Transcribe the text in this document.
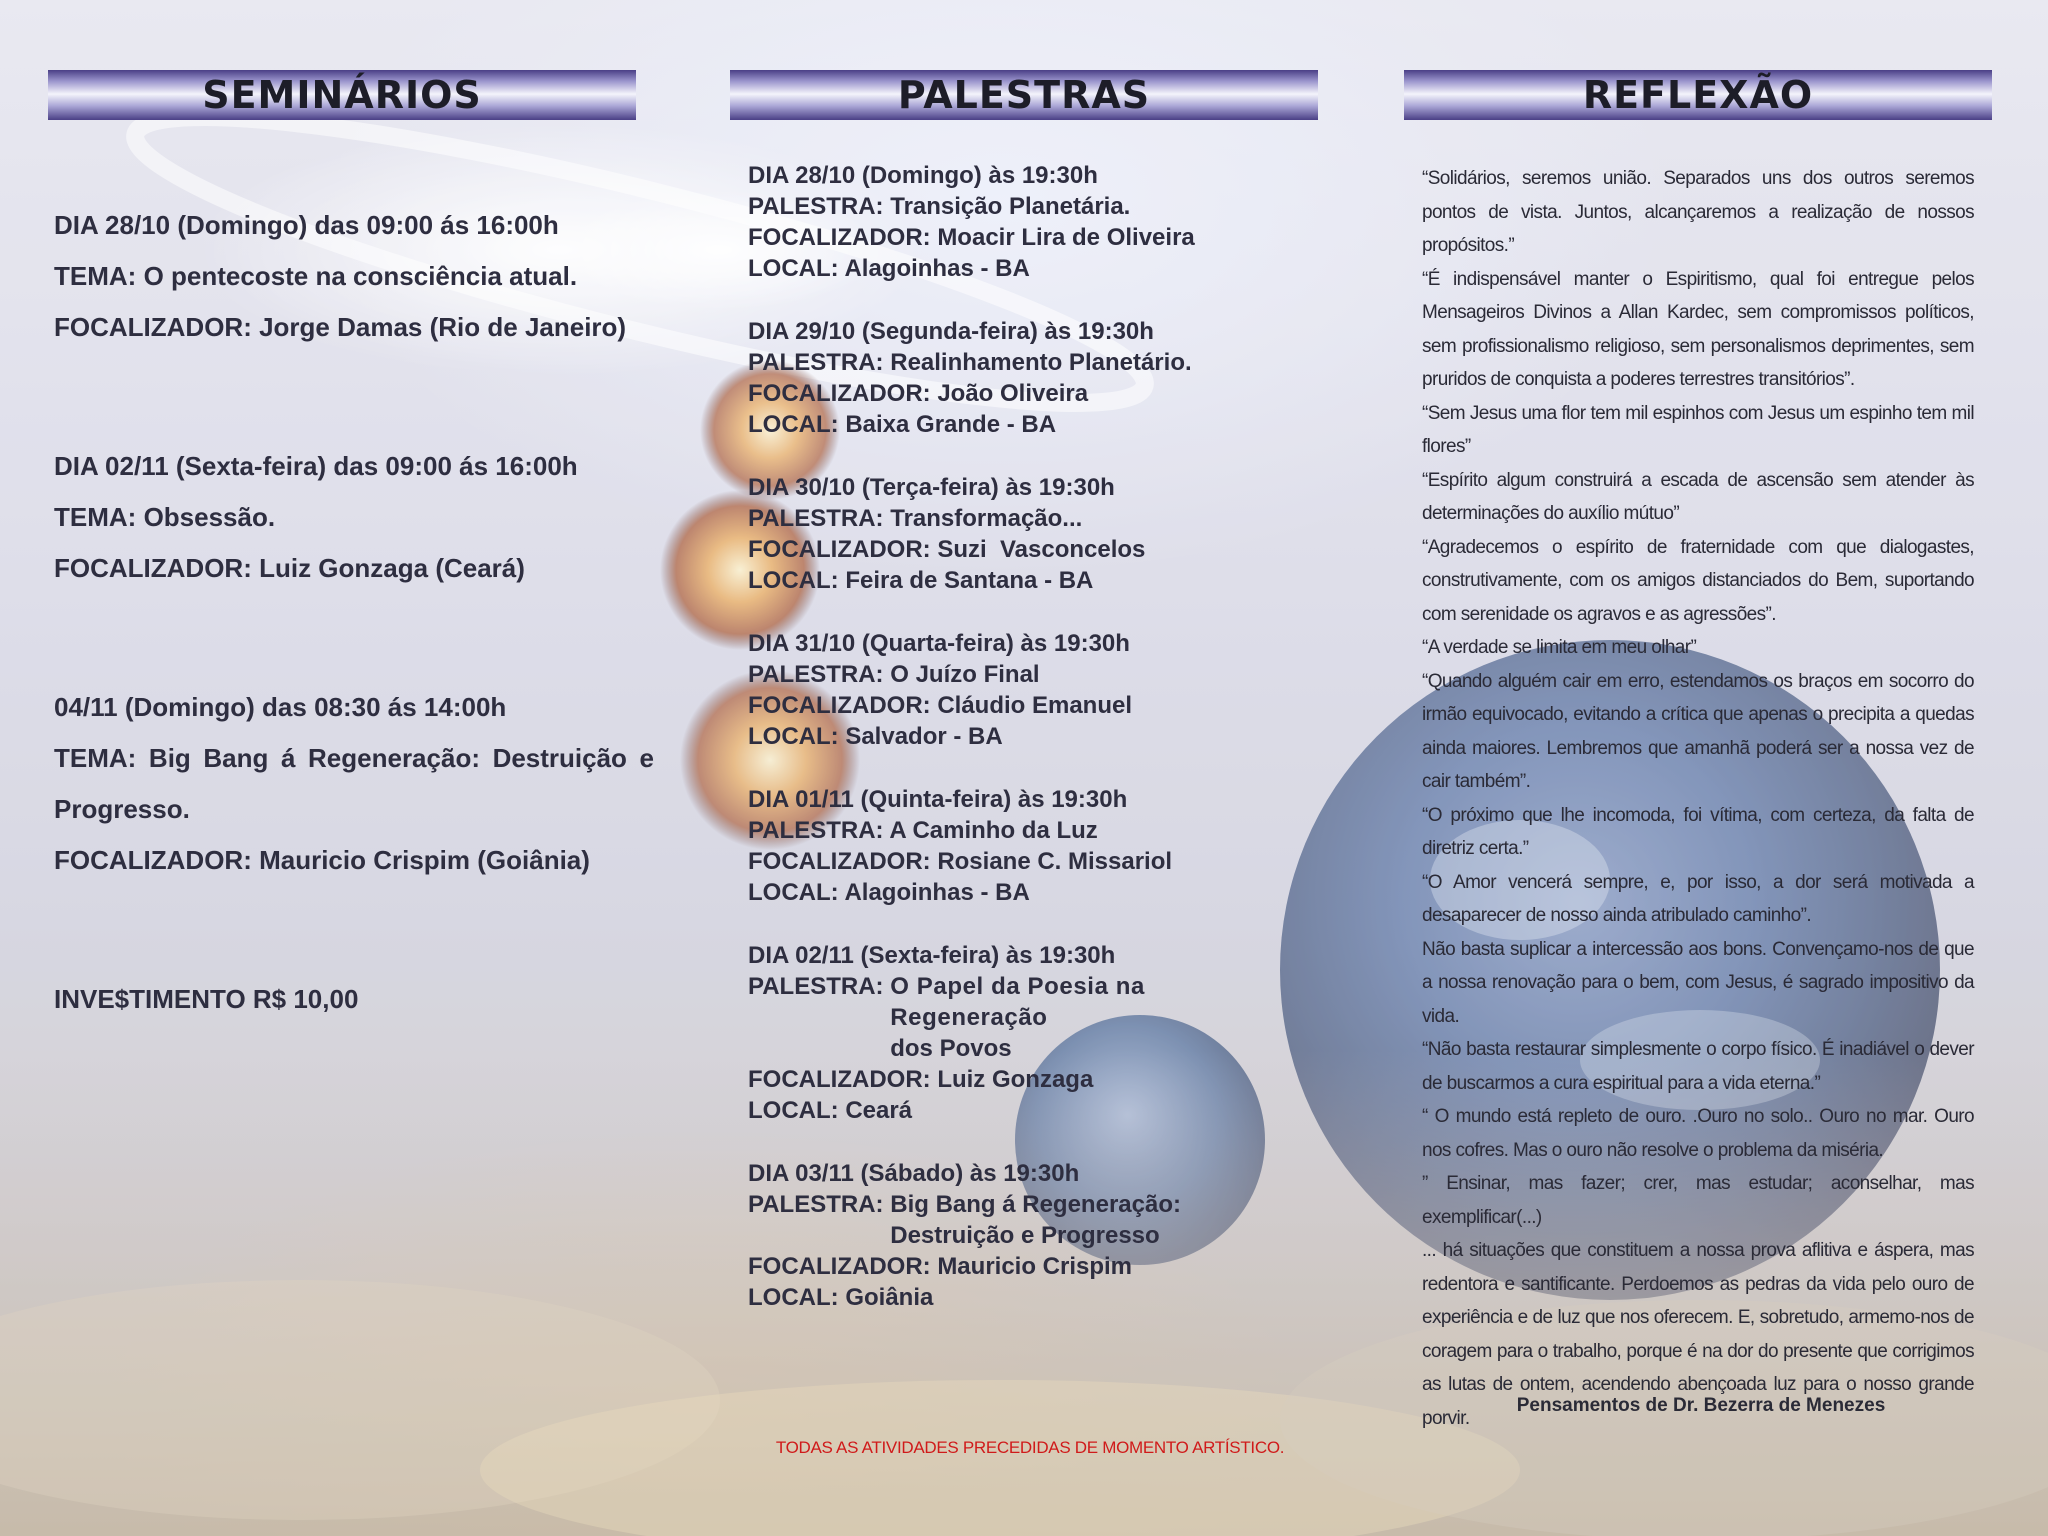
SEMINÁRIOS	PALESTRAS	REFLEXÃO
DIA 28/10 (Domingo) das 09:00 ás 16:00h
TEMA: O pentecoste na consciência atual.
FOCALIZADOR: Jorge Damas (Rio de Janeiro)
DIA 02/11 (Sexta-feira) das 09:00 ás 16:00h
TEMA: Obsessão.
FOCALIZADOR: Luiz Gonzaga (Ceará)
04/11 (Domingo) das 08:30 ás 14:00h
TEMA: Big Bang á Regeneração: Destruição e Progresso.
FOCALIZADOR: Mauricio Crispim (Goiânia)
INVE$TIMENTO R$ 10,00
DIA 28/10 (Domingo) às 19:30h
PALESTRA: Transição Planetária.
FOCALIZADOR: Moacir Lira de Oliveira
LOCAL: Alagoinhas - BA
DIA 29/10 (Segunda-feira) às 19:30h
PALESTRA: Realinhamento Planetário.
FOCALIZADOR: João Oliveira
LOCAL: Baixa Grande - BA
DIA 30/10 (Terça-feira) às 19:30h
PALESTRA: Transformação...
FOCALIZADOR: Suzi  Vasconcelos
LOCAL: Feira de Santana - BA
DIA 31/10 (Quarta-feira) às 19:30h
PALESTRA: O Juízo Final
FOCALIZADOR: Cláudio Emanuel
LOCAL: Salvador - BA
DIA 01/11 (Quinta-feira) às 19:30h
PALESTRA: A Caminho da Luz
FOCALIZADOR: Rosiane C. Missariol
LOCAL: Alagoinhas - BA
DIA 02/11 (Sexta-feira) às 19:30h
PALESTRA:
O Papel da Poesia na Regeneração
dos Povos
FOCALIZADOR: Luiz Gonzaga
LOCAL: Ceará
DIA 03/11 (Sábado) às 19:30h
PALESTRA:
Big Bang á Regeneração:
Destruição e Progresso
FOCALIZADOR: Mauricio Crispim
LOCAL: Goiânia

“Solidários, seremos união. Separados uns dos outros seremos pontos de vista. Juntos, alcançaremos a realização de nossos propósitos.”

“É indispensável manter o Espiritismo, qual foi entregue pelos Mensageiros Divinos a Allan Kardec, sem compromissos políticos, sem profissionalismo religioso, sem personalismos deprimentes, sem pruridos de conquista a poderes terrestres transitórios”.

“Sem Jesus uma flor tem mil espinhos com Jesus um espinho tem mil flores”

“Espírito algum construirá a escada de ascensão sem atender às determinações do auxílio mútuo”

“Agradecemos o espírito de fraternidade com que dialogastes, construtivamente, com os amigos distanciados do Bem, suportando com serenidade os agravos e as agressões”.

“A verdade se limita em meu olhar”

“Quando alguém cair em erro, estendamos os braços em socorro do irmão equivocado, evitando a crítica que apenas o precipita a quedas ainda maiores. Lembremos que amanhã poderá ser a nossa vez de cair também”.

“O próximo que lhe incomoda, foi vítima, com certeza, da falta de diretriz certa.”

“O Amor vencerá sempre, e, por isso, a dor será motivada a desaparecer de nosso ainda atribulado caminho”.

Não basta suplicar a intercessão aos bons. Convençamo-nos de que a nossa renovação para o bem, com Jesus, é sagrado impositivo da vida.

“Não basta restaurar simplesmente o corpo físico. É inadiável o dever de buscarmos a cura espiritual para a vida eterna.”

“ O mundo está repleto de ouro. .Ouro no solo.. Ouro no mar. Ouro nos cofres. Mas o ouro não resolve o problema da miséria.

” Ensinar, mas fazer; crer, mas estudar; aconselhar, mas exemplificar(...)

... há situações que constituem a nossa prova aflitiva e áspera, mas redentora e santificante. Perdoemos as pedras da vida pelo ouro de experiência e de luz que nos oferecem. E, sobretudo, armemo-nos de coragem para o trabalho, porque é na dor do presente que corrigimos as lutas de ontem, acendendo abençoada luz para o nosso grande porvir.

Pensamentos de Dr. Bezerra de Menezes
TODAS AS ATIVIDADES PRECEDIDAS DE MOMENTO ARTÍSTICO.
